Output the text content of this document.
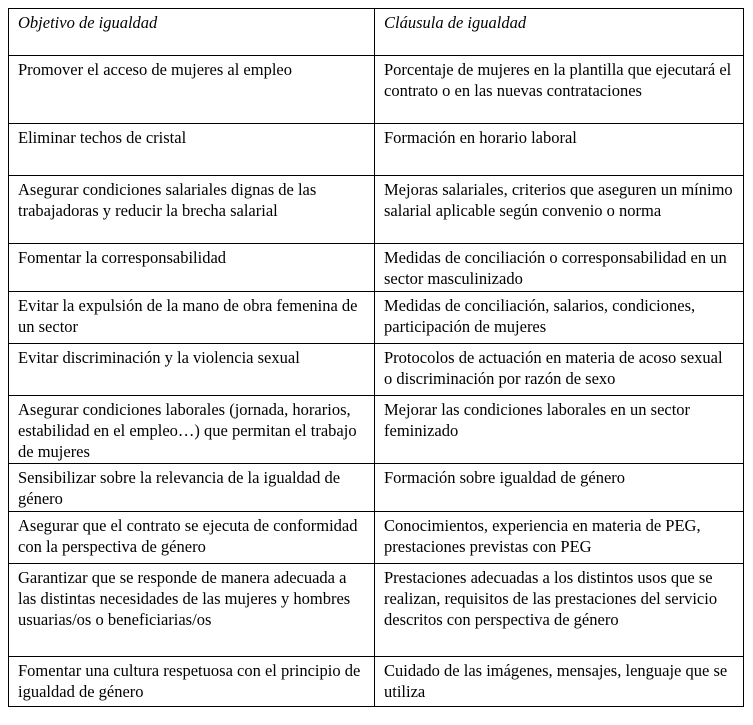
Objetivo de igualdad	Cláusula de igualdad
Promover el acceso de mujeres al empleo	Porcentaje de mujeres en la plantilla que ejecutará el contrato o en las nuevas contrataciones
Eliminar techos de cristal	Formación en horario laboral
Asegurar condiciones salariales dignas de las trabajadoras y reducir la brecha salarial	Mejoras salariales, criterios que aseguren un mínimo salarial aplicable según convenio o norma
Fomentar la corresponsabilidad	Medidas de conciliación o corresponsabilidad en un sector masculinizado
Evitar la expulsión de la mano de obra femenina de un sector	Medidas de conciliación, salarios, condiciones, participación de mujeres
Evitar discriminación y la violencia sexual	Protocolos de actuación en materia de acoso sexual o discriminación por razón de sexo
Asegurar condiciones laborales (jornada, horarios, estabilidad en el empleo…) que permitan el trabajo de mujeres	Mejorar las condiciones laborales en un sector feminizado
Sensibilizar sobre la relevancia de la igualdad de género	Formación sobre igualdad de género
Asegurar que el contrato se ejecuta de conformidad con la perspectiva de género	Conocimientos, experiencia en materia de PEG, prestaciones previstas con PEG
Garantizar que se responde de manera adecuada a las distintas necesidades de las mujeres y hombres usuarias/os o beneficiarias/os	Prestaciones adecuadas a los distintos usos que se realizan, requisitos de las prestaciones del servicio descritos con perspectiva de género
Fomentar una cultura respetuosa con el principio de igualdad de género	Cuidado de las imágenes, mensajes, lenguaje que se utiliza
